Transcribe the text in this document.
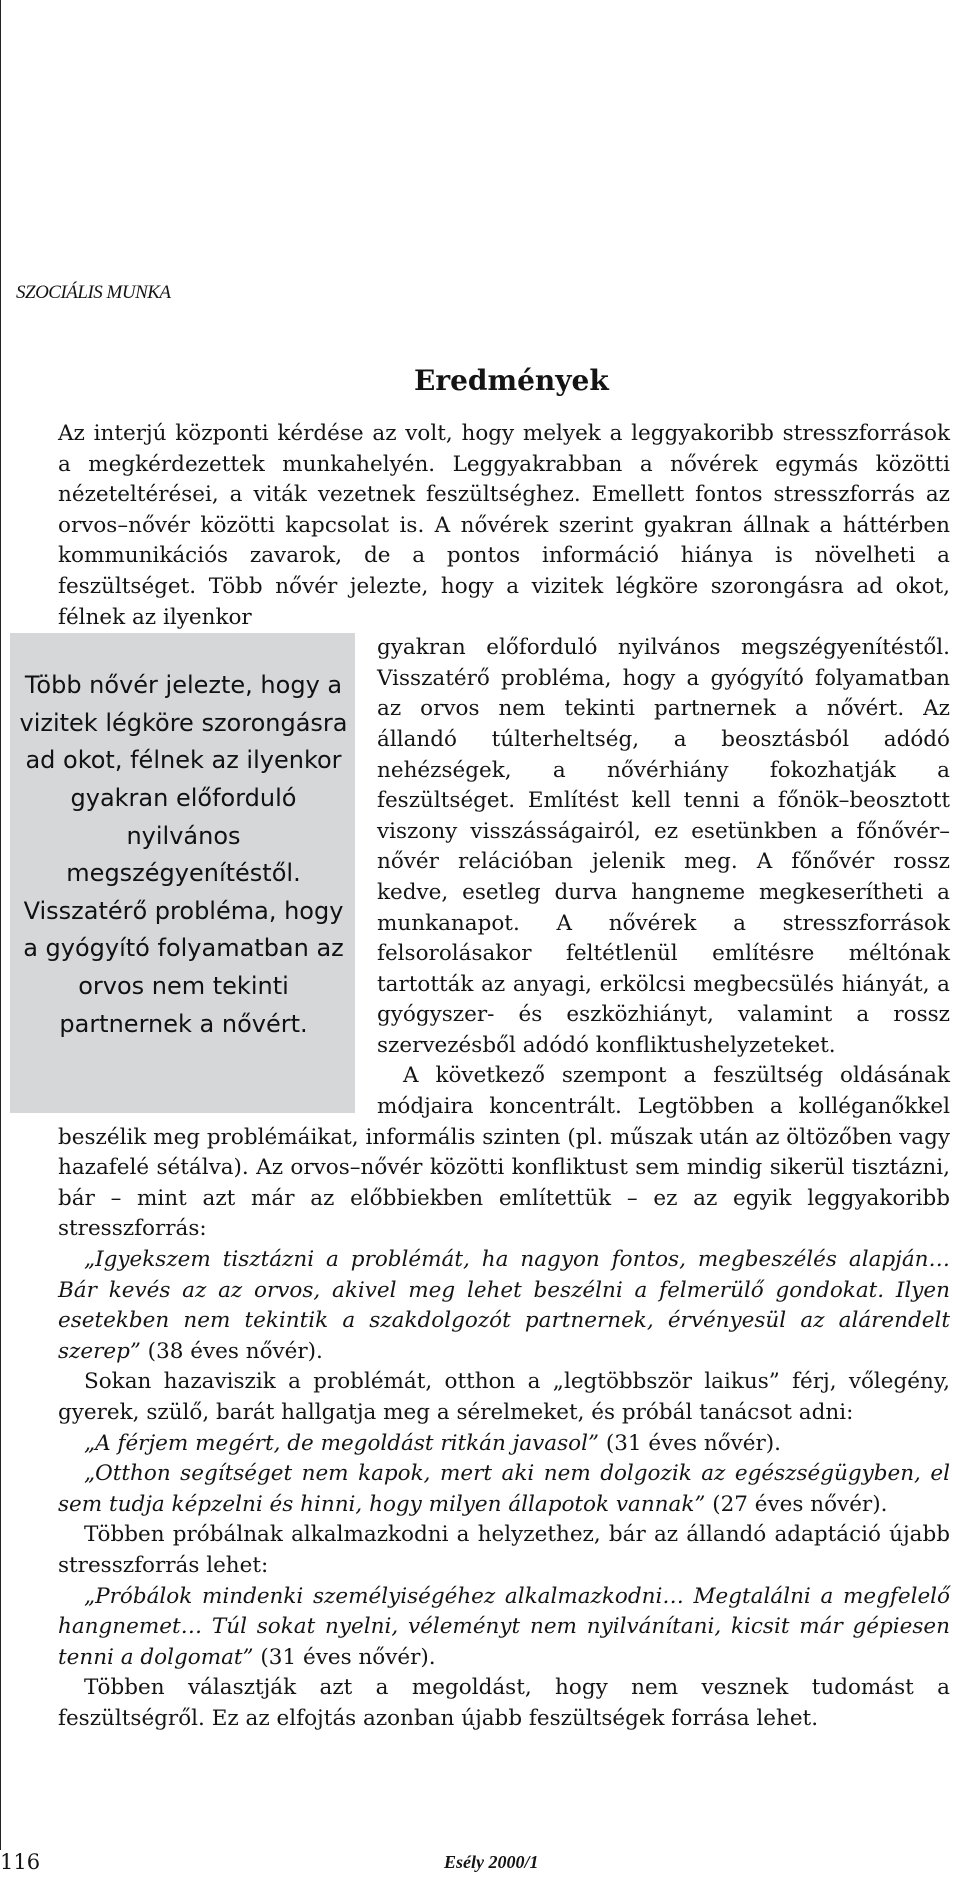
SZOCIÁLIS MUNKA
Eredmények

Az interjú központi kérdése az volt, hogy melyek a leggyakoribb stresszforrások a megkérdezettek munkahelyén. Leggyakrabban a nővérek egymás közötti nézeteltérései, a viták vezetnek feszültséghez. Emellett fontos stresszforrás az orvos–nővér közötti kapcsolat is. A nővérek szerint gyakran állnak a háttérben kommunikációs zavarok, de a pontos információ hiánya is növelheti a feszültséget. Több nővér jelezte, hogy a vizitek légköre szorongásra ad okot, félnek az ilyenkor

Több nővér jelezte, hogy a vizitek légköre szorongásra ad okot, félnek az ilyenkor gyakran előforduló nyilvános megszégyenítéstől. Visszatérő probléma, hogy a gyógyító folyamatban az orvos nem tekinti partnernek a nővért.

gyakran előforduló nyilvános megszégyenítéstől. Visszatérő probléma, hogy a gyógyító folyamatban az orvos nem tekinti partnernek a nővért. Az állandó túlterheltség, a beosztásból adódó nehézségek, a nővérhiány fokozhatják a feszültséget. Említést kell tenni a főnök–beosztott viszony visszásságairól, ez esetünkben a főnővér–nővér relációban jelenik meg. A főnővér rossz kedve, esetleg durva hangneme megkeserítheti a munkanapot. A nővérek a stresszforrások felsorolásakor feltétlenül említésre méltónak tartották az anyagi, erkölcsi megbecsülés hiányát, a gyógyszer- és eszközhiányt, valamint a rossz szervezésből adódó konfliktushelyzeteket.

A következő szempont a feszültség oldásának módjaira koncentrált. Legtöbben a kolléganőkkel beszélik meg problémáikat, informális szinten (pl. műszak után az öltözőben vagy hazafelé sétálva). Az orvos–nővér közötti konfliktust sem mindig sikerül tisztázni, bár – mint azt már az előbbiekben említettük – ez az egyik leggyakoribb stresszforrás:

„Igyekszem tisztázni a problémát, ha nagyon fontos, megbeszélés alapján… Bár kevés az az orvos, akivel meg lehet beszélni a felmerülő gondokat. Ilyen esetekben nem tekintik a szakdolgozót partnernek, érvényesül az alárendelt szerep” (38 éves nővér).

Sokan hazaviszik a problémát, otthon a „legtöbbször laikus” férj, vőlegény, gyerek, szülő, barát hallgatja meg a sérelmeket, és próbál tanácsot adni:

„A férjem megért, de megoldást ritkán javasol” (31 éves nővér).

„Otthon segítséget nem kapok, mert aki nem dolgozik az egészségügyben, el sem tudja képzelni és hinni, hogy milyen állapotok vannak” (27 éves nővér).

Többen próbálnak alkalmazkodni a helyzethez, bár az állandó adaptáció újabb stresszforrás lehet:

„Próbálok mindenki személyiségéhez alkalmazkodni… Megtalálni a megfelelő hangnemet… Túl sokat nyelni, véleményt nem nyilvánítani, kicsit már gépiesen tenni a dolgomat” (31 éves nővér).

Többen választják azt a megoldást, hogy nem vesznek tudomást a feszültségről. Ez az elfojtás azonban újabb feszültségek forrása lehet.

116	Esély 2000/1
